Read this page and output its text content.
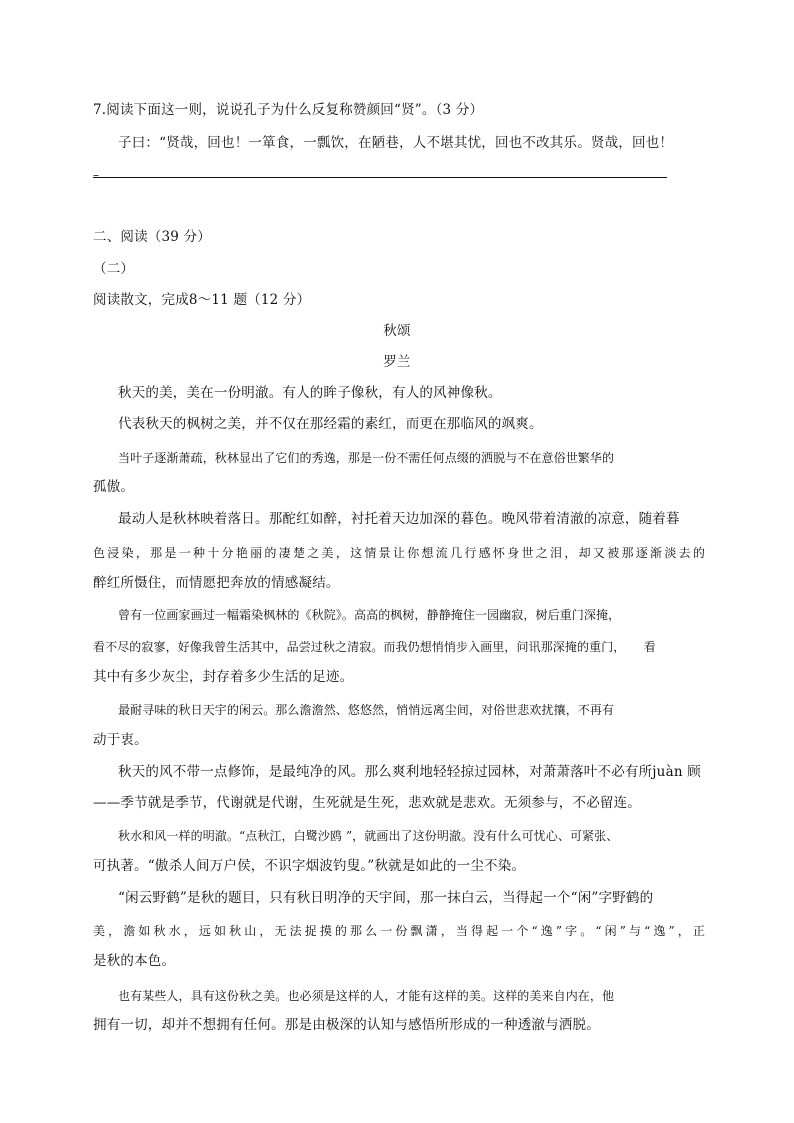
7.阅读下面这一则，说说孔子为什么反复称赞颜回“贤”。（3 分）
子曰：“贤哉，回也！一箪食，一瓢饮，在陋巷，人不堪其忧，回也不改其乐。贤哉，回也！
–
二、阅读（39 分）
（二）
阅读散文，完成8～11 题（12 分）
秋颂
罗兰
秋天的美，美在一份明澈。有人的眸子像秋，有人的风神像秋。
代表秋天的枫树之美，并不仅在那经霜的素红，而更在那临风的飒爽。
当叶子逐渐萧疏，秋林显出了它们的秀逸，那是一份不需任何点缀的洒脱与不在意俗世繁华的
孤傲。
最动人是秋林映着落日。那酡红如醉，衬托着天边加深的暮色。晚风带着清澈的凉意，随着暮
色浸染，那是一种十分艳丽的凄楚之美，这情景让你想流几行感怀身世之泪，却又被那逐渐淡去的
醉红所慑住，而情愿把奔放的情感凝结。
曾有一位画家画过一幅霜染枫林的《秋院》。高高的枫树，静静掩住一园幽寂，树后重门深掩，
看不尽的寂寥，好像我曾生活其中，品尝过秋之清寂。而我仍想悄悄步入画里，问讯那深掩的重门，　　看
其中有多少灰尘，封存着多少生活的足迹。
最耐寻味的秋日天宇的闲云。那么澹澹然、悠悠然，悄悄远离尘间，对俗世悲欢扰攘，不再有
动于衷。
秋天的风不带一点修饰，是最纯净的风。那么爽利地轻轻掠过园林，对萧萧落叶不必有所juàn 顾
——季节就是季节，代谢就是代谢，生死就是生死，悲欢就是悲欢。无须参与，不必留连。
秋水和风一样的明澈。“点秋江，白鹭沙鸥 ”，就画出了这份明澈。没有什么可忧心、可紧张、
可执著。“傲杀人间万户侯，不识字烟波钓叟。”秋就是如此的一尘不染。
“闲云野鹤”是秋的题目，只有秋日明净的天宇间，那一抹白云，当得起一个“闲”字野鹤的
美，澹如秋水，远如秋山，无法捉摸的那么一份飘潇，当得起一个“逸”字。“闲”与“逸”，正
是秋的本色。
也有某些人，具有这份秋之美。也必须是这样的人，才能有这样的美。这样的美来自内在，他
拥有一切，却并不想拥有任何。那是由极深的认知与感悟所形成的一种透澈与洒脱。
